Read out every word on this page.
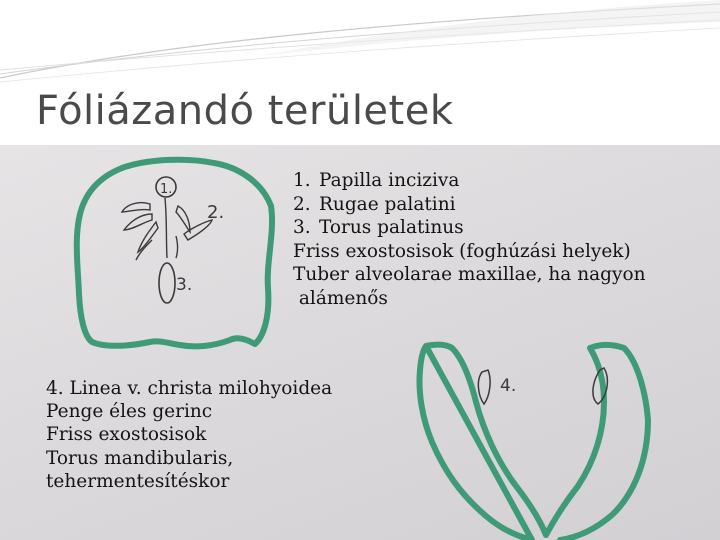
Fóliázandó területek
1.
2.
3.
4.
1. Papilla inciziva
2. Rugae palatini
3. Torus palatinus
Friss exostosisok (foghúzási helyek)
Tuber alveolarae maxillae, ha nagyon
alámenős
4. Linea v. christa milohyoidea
Penge éles gerinc
Friss exostosisok
Torus mandibularis,
tehermentesítéskor
